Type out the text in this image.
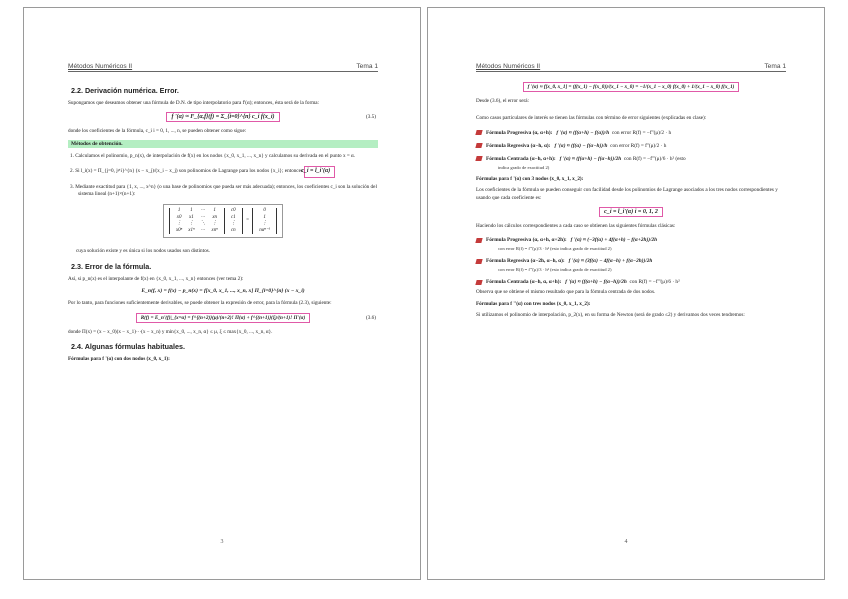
Métodos Numéricos II	Tema 1
2.2. Derivación numérica. Error.

Supongamos que deseamos obtener una fórmula de D.N. de tipo interpolatorio para f'(α); entonces, ésta será de la forma:

f '(α) ≈ F_{α,f}(f) = Σ_{i=0}^{n} c_i f(x_i)	(3.5)

donde los coeficientes de la fórmula, c_i i = 0, 1, ..., n, se pueden obtener como sigue:

Métodos de obtención.
1. Calculamos el polinomio, p_n(x), de interpolación de f(x) en los nodos {x_0, x_1, ..., x_n} y calculamos su derivada en el punto x = α.
2. Si l_i(x) = Π_{j=0, j≠i}^{n} (x − x_j)/(x_i − x_j) son polinomios de Lagrange para los nodos {x_i}; entonces c_i = l_i'(α)
3. Mediante exactitud para {1, x, ..., x^n} (o una base de polinomios que pueda ser más adecuada); entonces, los coeficientes c_i son la solución del sistema lineal (n+1)×(n+1):
1	1	···	1
x0	x1	···	xn
⋮	⋮	⋱	⋮
x0ⁿ	x1ⁿ	···	xnⁿ

c0
c1
⋮
cn
	=	
0
1
⋮
nαⁿ⁻¹

cuya solución existe y es única si los nodos usados son distintos.

2.3. Error de la fórmula.

Así, si p_n(x) es el interpolante de f(x) en {x_0, x_1, ..., x_n} entonces (ver tema 2):

E_n(f, x) = f(x) − p_n(x) = f[x_0, x_1, ..., x_n, x] Π_{i=0}^{n} (x − x_i)

Por lo tanto, para funciones suficientemente derivables, se puede obtener la expresión de error, para la fórmula (2.3), siguiente:

R(f) = E_n'(f)|_{x=α} = f^{(n+2)}(μ)/(n+2)! Π(α) + f^{(n+1)}(ξ)/(n+1)! Π'(α)	(3.6)

donde Π(x) = (x − x_0)(x − x_1)···(x − x_n) y min{x_0, ..., x_n, α} ≤ μ, ξ ≤ max{x_0, ..., x_n, α}.

2.4. Algunas fórmulas habituales.

Fórmulas para f '(α) con dos nodos (x_0, x_1):

3
Métodos Numéricos II	Tema 1
f '(α) ≈ f[x_0, x_1] = (f(x_1) − f(x_0))/(x_1 − x_0) = −1/(x_1 − x_0) f(x_0) + 1/(x_1 − x_0) f(x_1)

Desde (3.6), el error será:

Como casos particulares de interés se tienen las fórmulas con término de error siguientes (explicadas en clase):

Fórmula Progresiva (α, α+h): f '(α) ≈ (f(α+h) − f(α))/h
con error R(f) = −f''(μ)/2 · h
Fórmula Regresiva (α−h, α): f '(α) ≈ (f(α) − f(α−h))/h
con error R(f) = f''(μ)/2 · h
Fórmula Centrada (α−h, α+h): f '(α) ≈ (f(α+h) − f(α−h))/2h
con R(f) = −f'''(μ)/6 · h² (esto
indica grado de exactitud 2)

Fórmulas para f '(α) con 3 nodos (x_0, x_1, x_2):

Los coeficientes de la fórmula se pueden conseguir con facilidad desde los polinomios de Lagrange asociados a los tres nodos correspondientes y usando que cada coeficiente es:

c_i = l_i'(α) i = 0, 1, 2

Haciendo los cálculos correspondientes a cada caso se obtienen las siguientes fórmulas clásicas:

Fórmula Progresiva (α, α+h, α+2h): f '(α) ≈ (−3f(α) + 4f(α+h) − f(α+2h))/2h
con error R(f) = f'''(μ)/3 · h² (esto indica grado de exactitud 2)
Fórmula Regresiva (α−2h, α−h, α): f '(α) ≈ (3f(α) − 4f(α−h) + f(α−2h))/2h
con error R(f) = f'''(μ)/3 · h² (esto indica grado de exactitud 2)
Fórmula Centrada (α−h, α, α+h): f '(α) ≈ (f(α+h) − f(α−h))/2h
con R(f) = −f'''(μ)/6 · h²

Observa que se obtiene el mismo resultado que para la fórmula centrada de dos nodos.

Fórmulas para f ''(α) con tres nodos (x_0, x_1, x_2):

Si utilizamos el polinomio de interpolación, p_2(x), en su forma de Newton (será de grado ≤2) y derivamos dos veces tendremos:

4
